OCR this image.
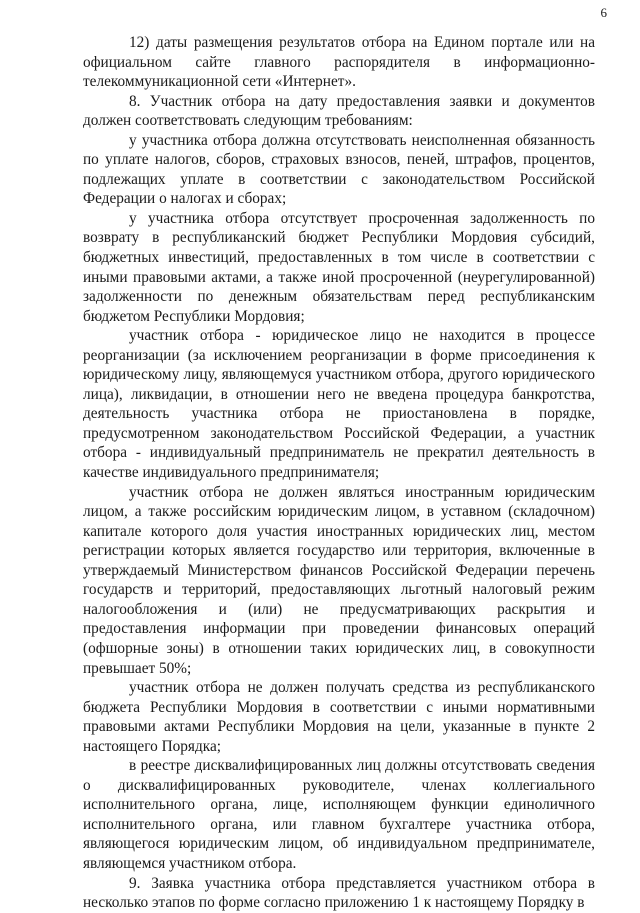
6

12) даты размещения результатов отбора на Едином портале или на официальном сайте главного распорядителя в информационно-телекоммуникационной сети «Интернет».

8. Участник отбора на дату предоставления заявки и документов должен соответствовать следующим требованиям:

у участника отбора должна отсутствовать неисполненная обязанность по уплате налогов, сборов, страховых взносов, пеней, штрафов, процентов, подлежащих уплате в соответствии с законодательством Российской Федерации о налогах и сборах;

у участника отбора отсутствует просроченная задолженность по возврату в республиканский бюджет Республики Мордовия субсидий, бюджетных инвестиций, предоставленных в том числе в соответствии с иными правовыми актами, а также иной просроченной (неурегулированной) задолженности по денежным обязательствам перед республиканским бюджетом Республики Мордовия;

участник отбора - юридическое лицо не находится в процессе реорганизации (за исключением реорганизации в форме присоединения к юридическому лицу, являющемуся участником отбора, другого юридического лица), ликвидации, в отношении него не введена процедура банкротства, деятельность участника отбора не приостановлена в порядке, предусмотренном законодательством Российской Федерации, а участник отбора - индивидуальный предприниматель не прекратил деятельность в качестве индивидуального предпринимателя;

участник отбора не должен являться иностранным юридическим лицом, а также российским юридическим лицом, в уставном (складочном) капитале которого доля участия иностранных юридических лиц, местом регистрации которых является государство или территория, включенные в утверждаемый Министерством финансов Российской Федерации перечень государств и территорий, предоставляющих льготный налоговый режим налогообложения и (или) не предусматривающих раскрытия и предоставления информации при проведении финансовых операций (офшорные зоны) в отношении таких юридических лиц, в совокупности превышает 50%;

участник отбора не должен получать средства из республиканского бюджета Республики Мордовия в соответствии с иными нормативными правовыми актами Республики Мордовия на цели, указанные в пункте 2 настоящего Порядка;

в реестре дисквалифицированных лиц должны отсутствовать сведения о дисквалифицированных руководителе, членах коллегиального исполнительного органа, лице, исполняющем функции единоличного исполнительного органа, или главном бухгалтере участника отбора, являющегося юридическим лицом, об индивидуальном предпринимателе, являющемся участником отбора.

9. Заявка участника отбора представляется участником отбора в несколько этапов по форме согласно приложению 1 к настоящему Порядку в
